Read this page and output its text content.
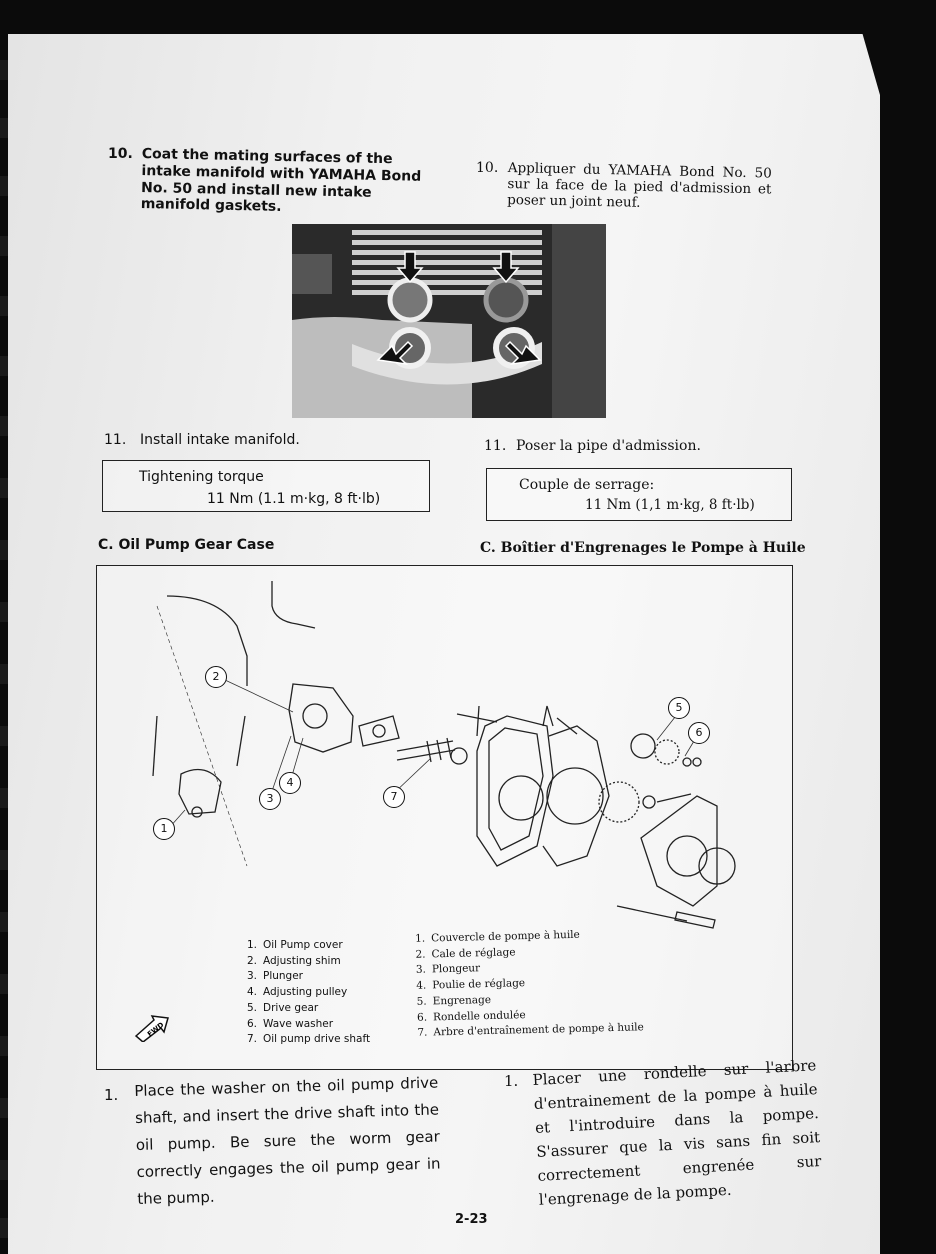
10. Coat the mating surfaces of the intake manifold with YAMAHA Bond No. 50 and install new intake manifold gaskets.
10. Appliquer du YAMAHA Bond No. 50 sur la face de la pied d'admission et poser un joint neuf.
11. Install intake manifold.	11. Poser la pipe d'admission.
Tightening torque
11 Nm (1.1 m·kg, 8 ft·lb)
Couple de serrage:
11 Nm (1,1 m·kg, 8 ft·lb)
C. Oil Pump Gear Case	C. Boîtier d'Engrenages le Pompe à Huile
1
2
3
4
5
6
7
1. Oil Pump cover
2. Adjusting shim
3. Plunger
4. Adjusting pulley
5. Drive gear
6. Wave washer
7. Oil pump drive shaft
1. Couvercle de pompe à huile
2. Cale de réglage
3. Plongeur
4. Poulie de réglage
5. Engrenage
6. Rondelle ondulée
7. Arbre d'entraînement de pompe à huile
FWD
1. Place the washer on the oil pump drive shaft, and insert the drive shaft into the oil pump. Be sure the worm gear correctly engages the oil pump gear in the pump.
1. Placer une rondelle sur l'arbre d'entrainement de la pompe à huile et l'introduire dans la pompe. S'assurer que la vis sans fin soit correctement engrenée sur l'engrenage de la pompe.
2-23
